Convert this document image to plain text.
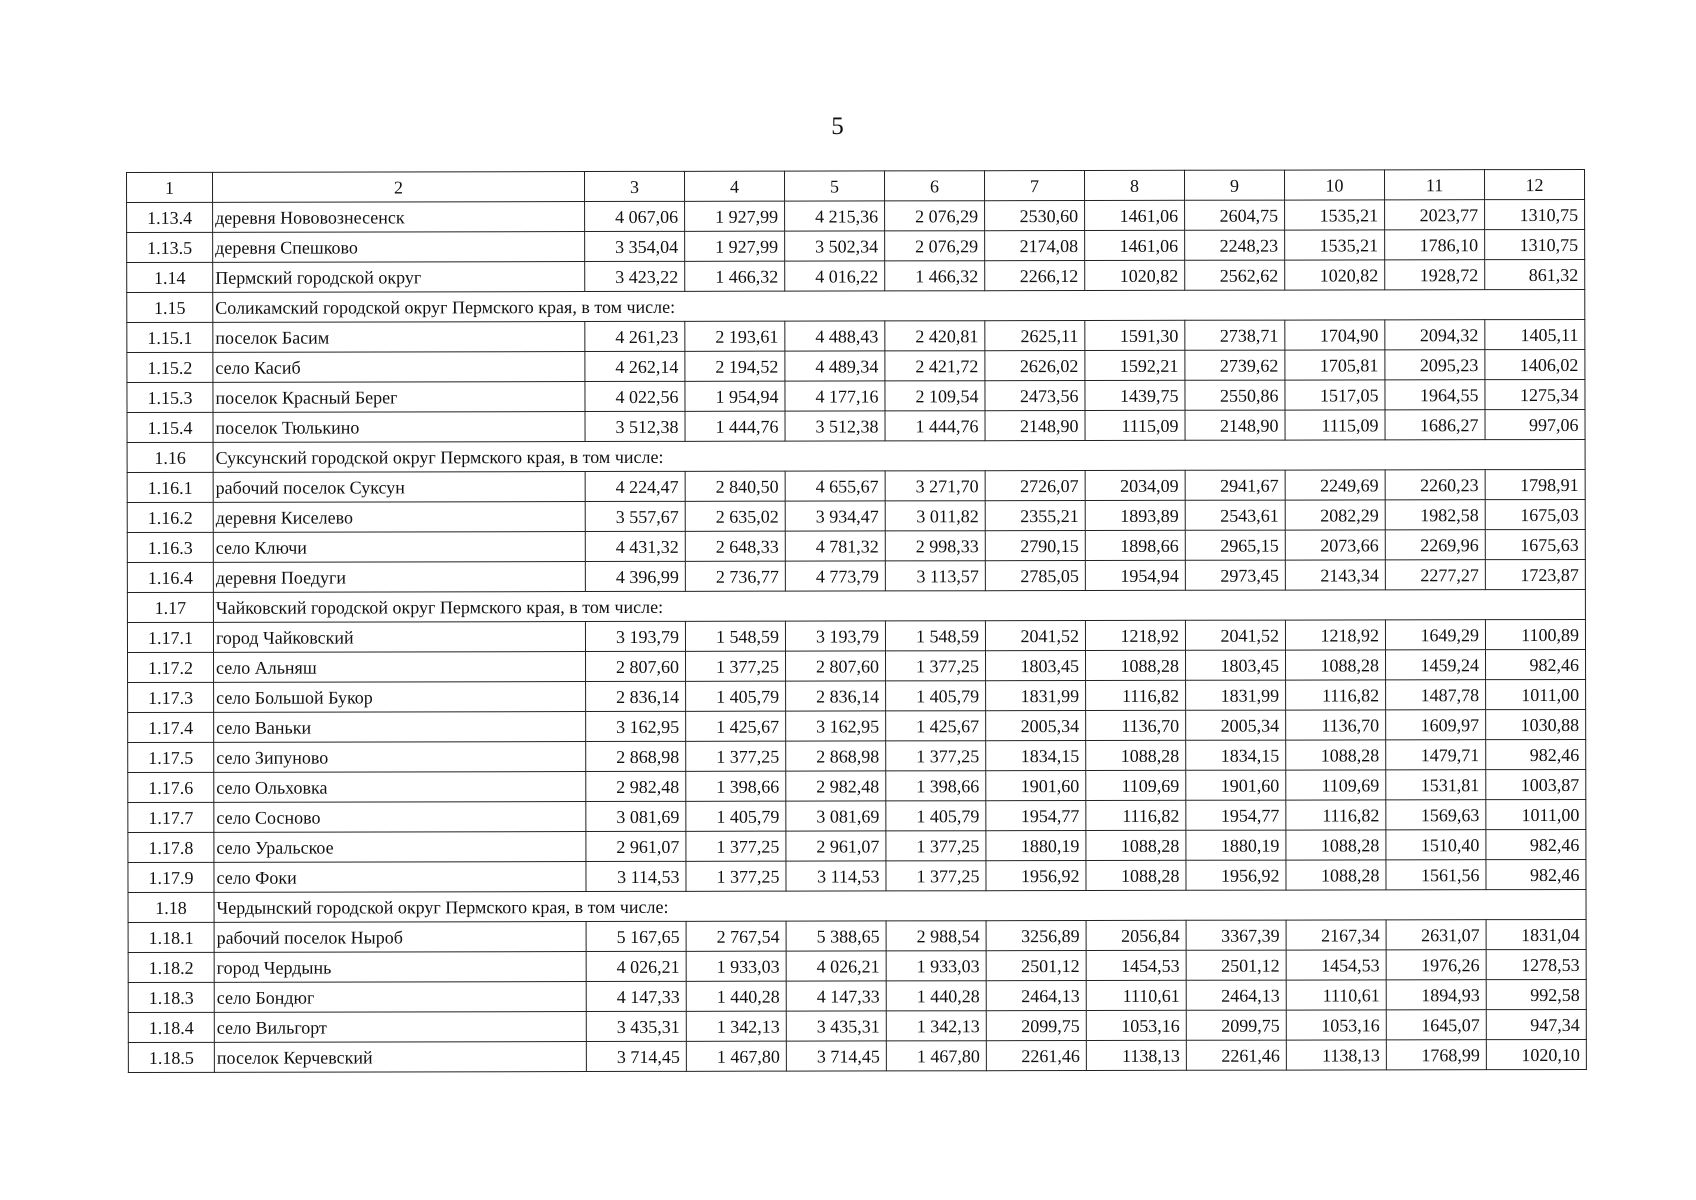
5
1	2	3	4	5	6	7	8	9	10	11	12
1.13.4	деревня Нововознесенск	4 067,06	1 927,99	4 215,36	2 076,29	2530,60	1461,06	2604,75	1535,21	2023,77	1310,75
1.13.5	деревня Спешково	3 354,04	1 927,99	3 502,34	2 076,29	2174,08	1461,06	2248,23	1535,21	1786,10	1310,75
1.14	Пермский городской округ	3 423,22	1 466,32	4 016,22	1 466,32	2266,12	1020,82	2562,62	1020,82	1928,72	861,32
1.15	Соликамский городской округ Пермского края, в том числе:										
1.15.1	поселок Басим	4 261,23	2 193,61	4 488,43	2 420,81	2625,11	1591,30	2738,71	1704,90	2094,32	1405,11
1.15.2	село Касиб	4 262,14	2 194,52	4 489,34	2 421,72	2626,02	1592,21	2739,62	1705,81	2095,23	1406,02
1.15.3	поселок Красный Берег	4 022,56	1 954,94	4 177,16	2 109,54	2473,56	1439,75	2550,86	1517,05	1964,55	1275,34
1.15.4	поселок Тюлькино	3 512,38	1 444,76	3 512,38	1 444,76	2148,90	1115,09	2148,90	1115,09	1686,27	997,06
1.16	Суксунский городской округ Пермского края, в том числе:										
1.16.1	рабочий поселок Суксун	4 224,47	2 840,50	4 655,67	3 271,70	2726,07	2034,09	2941,67	2249,69	2260,23	1798,91
1.16.2	деревня Киселево	3 557,67	2 635,02	3 934,47	3 011,82	2355,21	1893,89	2543,61	2082,29	1982,58	1675,03
1.16.3	село Ключи	4 431,32	2 648,33	4 781,32	2 998,33	2790,15	1898,66	2965,15	2073,66	2269,96	1675,63
1.16.4	деревня Поедуги	4 396,99	2 736,77	4 773,79	3 113,57	2785,05	1954,94	2973,45	2143,34	2277,27	1723,87
1.17	Чайковский городской округ Пермского края, в том числе:										
1.17.1	город Чайковский	3 193,79	1 548,59	3 193,79	1 548,59	2041,52	1218,92	2041,52	1218,92	1649,29	1100,89
1.17.2	село Альняш	2 807,60	1 377,25	2 807,60	1 377,25	1803,45	1088,28	1803,45	1088,28	1459,24	982,46
1.17.3	село Большой Букор	2 836,14	1 405,79	2 836,14	1 405,79	1831,99	1116,82	1831,99	1116,82	1487,78	1011,00
1.17.4	село Ваньки	3 162,95	1 425,67	3 162,95	1 425,67	2005,34	1136,70	2005,34	1136,70	1609,97	1030,88
1.17.5	село Зипуново	2 868,98	1 377,25	2 868,98	1 377,25	1834,15	1088,28	1834,15	1088,28	1479,71	982,46
1.17.6	село Ольховка	2 982,48	1 398,66	2 982,48	1 398,66	1901,60	1109,69	1901,60	1109,69	1531,81	1003,87
1.17.7	село Сосново	3 081,69	1 405,79	3 081,69	1 405,79	1954,77	1116,82	1954,77	1116,82	1569,63	1011,00
1.17.8	село Уральское	2 961,07	1 377,25	2 961,07	1 377,25	1880,19	1088,28	1880,19	1088,28	1510,40	982,46
1.17.9	село Фоки	3 114,53	1 377,25	3 114,53	1 377,25	1956,92	1088,28	1956,92	1088,28	1561,56	982,46
1.18	Чердынский городской округ Пермского края, в том числе:										
1.18.1	рабочий поселок Ныроб	5 167,65	2 767,54	5 388,65	2 988,54	3256,89	2056,84	3367,39	2167,34	2631,07	1831,04
1.18.2	город Чердынь	4 026,21	1 933,03	4 026,21	1 933,03	2501,12	1454,53	2501,12	1454,53	1976,26	1278,53
1.18.3	село Бондюг	4 147,33	1 440,28	4 147,33	1 440,28	2464,13	1110,61	2464,13	1110,61	1894,93	992,58
1.18.4	село Вильгорт	3 435,31	1 342,13	3 435,31	1 342,13	2099,75	1053,16	2099,75	1053,16	1645,07	947,34
1.18.5	поселок Керчевский	3 714,45	1 467,80	3 714,45	1 467,80	2261,46	1138,13	2261,46	1138,13	1768,99	1020,10
